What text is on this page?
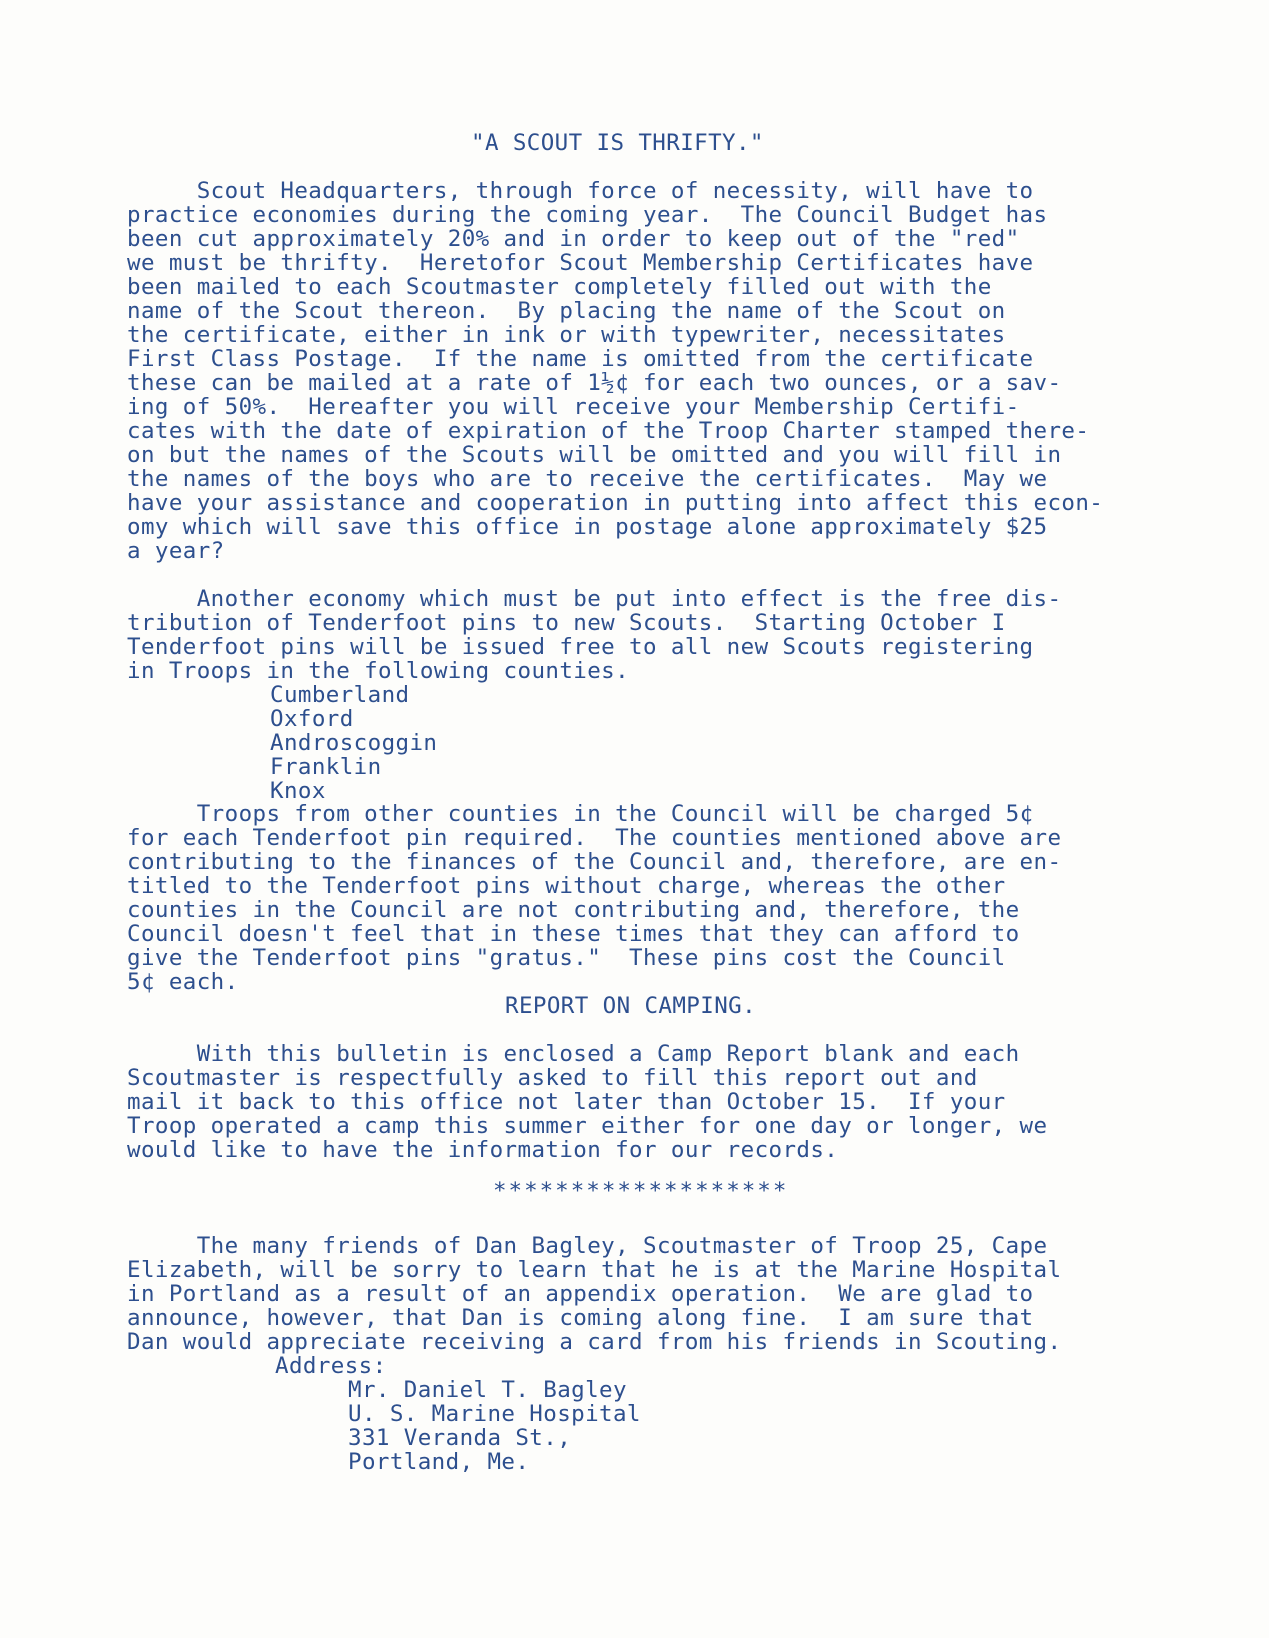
"A SCOUT IS THRIFTY."
Scout Headquarters, through force of necessity, will have to
practice economies during the coming year.  The Council Budget has
been cut approximately 20% and in order to keep out of the "red"
we must be thrifty.  Heretofor Scout Membership Certificates have
been mailed to each Scoutmaster completely filled out with the
name of the Scout thereon.  By placing the name of the Scout on
the certificate, either in ink or with typewriter, necessitates
First Class Postage.  If the name is omitted from the certificate
these can be mailed at a rate of 1½¢ for each two ounces, or a sav-
ing of 50%.  Hereafter you will receive your Membership Certifi-
cates with the date of expiration of the Troop Charter stamped there-
on but the names of the Scouts will be omitted and you will fill in
the names of the boys who are to receive the certificates.  May we
have your assistance and cooperation in putting into affect this econ-
omy which will save this office in postage alone approximately $25
a year?
Another economy which must be put into effect is the free dis-
tribution of Tenderfoot pins to new Scouts.  Starting October I
Tenderfoot pins will be issued free to all new Scouts registering
in Troops in the following counties.
Cumberland
Oxford
Androscoggin
Franklin
Knox
Troops from other counties in the Council will be charged 5¢
for each Tenderfoot pin required.  The counties mentioned above are
contributing to the finances of the Council and, therefore, are en-
titled to the Tenderfoot pins without charge, whereas the other
counties in the Council are not contributing and, therefore, the
Council doesn't feel that in these times that they can afford to
give the Tenderfoot pins "gratus."  These pins cost the Council
5¢ each.
REPORT ON CAMPING.
With this bulletin is enclosed a Camp Report blank and each
Scoutmaster is respectfully asked to fill this report out and
mail it back to this office not later than October 15.  If your
Troop operated a camp this summer either for one day or longer, we
would like to have the information for our records.
*******************
The many friends of Dan Bagley, Scoutmaster of Troop 25, Cape
Elizabeth, will be sorry to learn that he is at the Marine Hospital
in Portland as a result of an appendix operation.  We are glad to
announce, however, that Dan is coming along fine.  I am sure that
Dan would appreciate receiving a card from his friends in Scouting.
Address:
Mr. Daniel T. Bagley
U. S. Marine Hospital
331 Veranda St.,
Portland, Me.
